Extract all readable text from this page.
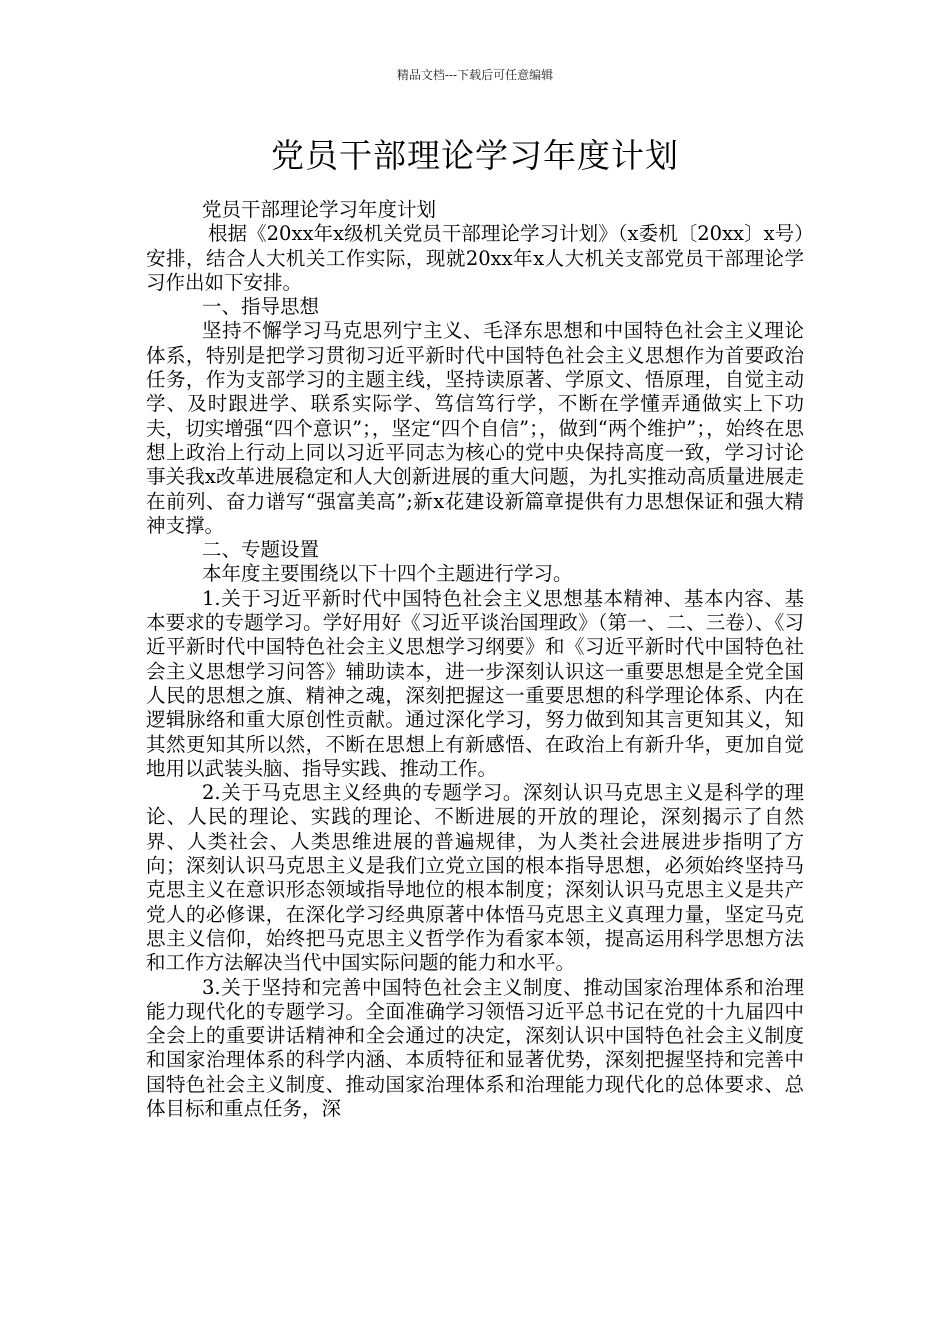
精品文档---下载后可任意编辑
党员干部理论学习年度计划

党员干部理论学习年度计划

根据《20xx年x级机关党员干部理论学习计划》（x委机〔20xx〕x号）安排，结合人大机关工作实际，现就20xx年x人大机关支部党员干部理论学习作出如下安排。

一、指导思想

坚持不懈学习马克思列宁主义、毛泽东思想和中国特色社会主义理论体系，特别是把学习贯彻习近平新时代中国特色社会主义思想作为首要政治任务，作为支部学习的主题主线，坚持读原著、学原文、悟原理，自觉主动学、及时跟进学、联系实际学、笃信笃行学，不断在学懂弄通做实上下功夫，切实增强“四个意识”；，坚定“四个自信”；，做到“两个维护”；，始终在思想上政治上行动上同以习近平同志为核心的党中央保持高度一致，学习讨论事关我x改革进展稳定和人大创新进展的重大问题，为扎实推动高质量进展走在前列、奋力谱写“强富美高”;新x花建设新篇章提供有力思想保证和强大精神支撑。

二、专题设置

本年度主要围绕以下十四个主题进行学习。

1.关于习近平新时代中国特色社会主义思想基本精神、基本内容、基本要求的专题学习。学好用好《习近平谈治国理政》（第一、二、三卷）、《习近平新时代中国特色社会主义思想学习纲要》和《习近平新时代中国特色社会主义思想学习问答》辅助读本，进一步深刻认识这一重要思想是全党全国人民的思想之旗、精神之魂，深刻把握这一重要思想的科学理论体系、内在逻辑脉络和重大原创性贡献。通过深化学习，努力做到知其言更知其义，知其然更知其所以然，不断在思想上有新感悟、在政治上有新升华，更加自觉地用以武装头脑、指导实践、推动工作。

2.关于马克思主义经典的专题学习。深刻认识马克思主义是科学的理论、人民的理论、实践的理论、不断进展的开放的理论，深刻揭示了自然界、人类社会、人类思维进展的普遍规律，为人类社会进展进步指明了方向；深刻认识马克思主义是我们立党立国的根本指导思想，必须始终坚持马克思主义在意识形态领域指导地位的根本制度；深刻认识马克思主义是共产党人的必修课，在深化学习经典原著中体悟马克思主义真理力量，坚定马克思主义信仰，始终把马克思主义哲学作为看家本领，提高运用科学思想方法和工作方法解决当代中国实际问题的能力和水平。

3.关于坚持和完善中国特色社会主义制度、推动国家治理体系和治理能力现代化的专题学习。全面准确学习领悟习近平总书记在党的十九届四中全会上的重要讲话精神和全会通过的决定，深刻认识中国特色社会主义制度和国家治理体系的科学内涵、本质特征和显著优势，深刻把握坚持和完善中国特色社会主义制度、推动国家治理体系和治理能力现代化的总体要求、总体目标和重点任务，深
